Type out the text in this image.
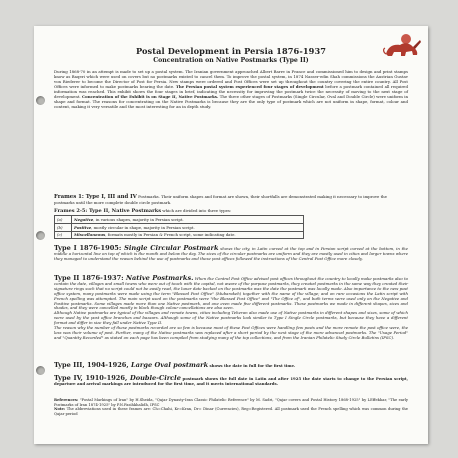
Postal Development in Persia 1876-1937
Concentration on Native Postmarks (Type II)
During 1868-70 in an attempt is made to set up a postal system. The Iranian government approached Albert Barre in France and commissioned him to design and print stamps know as Baqeri which were used on covers but no postmarks existed to cancel them. To improve the postal system, in 1874 Nasser-edin Shah commissions the Austrian Gustav von Riederer to become the Director of Post for Persia. New stamps were ordered and Post Offices were set up throughout the country covering the entire country. All Post Offices were informed to make postmarks bearing the date. The Persian postal system experienced four stages of development before a postmark contained all required information was reached. This exhibit shows the four stages in brief, indicating the necessity for improving the postmark twice the necessity of moving to the next stage of development. Concentration of the Exhibit is on Stage II, Native Postmarks. The three other stages of Postmarks (Single Circular, Oval and Double Circle) were uniform in shape and format. The reasons for concentrating on the Native Postmarks is because they are the only type of postmark which are not uniform in shape, format, colour and content, making it very versatile and the most interesting for an in depth study.
Frames 1: Type I, III and IV Postmarks. Their uniform shapes and format are shown, their shortfalls are demonstrated making it necessary to improve the postmarks until the more complete double circle postmark.
Frames 2-5: Type II, Native Postmarks which are divided into three types:
(a)	Negative, in various shapes, majority in Persian script.
(b)	Positive, mostly circular in shape, majority in Persian script.
(c)	Miscellaneous, formats mostly in Persian & French script, some indicating date.
Type I 1876-1905: Single Circular Postmark shows the city, in Latin curved at the top and in Persian script curved at the bottom, in the middle a horizontal line on top of which is the month and below the day. The sizes of the circular postmarks are uniform and they are mostly used in cities and larger towns where they managed to understand the reason behind the use of postmarks and these post offices followed the instructions of the Central Post Office more closely.
Type II 1876-1937: Native Postmarks. When the Central Post Office advised post offices throughout the country to locally make postmarks also to contain the date, villages and small towns who were out of touch with the capital, not aware of the purpose postmarks, they created postmarks in the same way they created their signature rings such that no script could not be easily read, the lunar date backed on the postmarks was the date the postmark was locally made. Also importance to the new post office system, many postmarks were made using the term "Blessed Post Office" (Mubarakeh) together with the name of the village; and on rare occasions the Latin script with French spelling was attempted. The main script used on the postmarks were "the Blessed Post Office" and "The Office of", and both terms were used only on the Negative and Positive postmarks. Some villages made more than one Native postmark, and one even made five different postmarks. These postmarks we made in different shapes, sizes and shades, and they were cancelled mostly in black though colour cancellations are also seen.
Although Native postmarks are typical of the villages and remote towns, cities including Teheran also made use of Native postmarks in different shapes and sizes, some of which were used by the post office branches and bazaars. Although some of the Native postmarks look similar to Type I Single Circle postmarks, but because they have a different format and differ in size they fall under Native Type II.
The reason why the number of these postmarks recorded are so few is because most of these Post Offices were handling few posts and the more remote the post office were, the less was their volume of post. Further, many of the Native postmarks was replaced after a short period by the next stage of the more advanced postmarks. The "Usage Period" and "Quantity Recorded" as stated on each page has been compiled from studying many of the top collections, and from the Iranian Philatelic Study Circle Bulletins (IPSC).
Type III, 1904-1926, Large Oval postmark shows the date in full for the first time.
Type IV, 1910-1926, Double-Circle postmark shows the full date in Latin and after 1925 the date starts to change to the Persian script, departure and arrival markings are introduced for the first time, and it meets international standards.
References: "Postal Markings of Iran" by H.Sheida, "Qajar Dynasty-Iran Classic Philatelic Reference" by M. Sadri, "Qajar covers and Postal History 1868-1925" by LEffekhar, "The early Postmarks of Iran 1874-1925" by P.N.Fasihkhalidh, IPSC
Note: The abbreviations used in these frames are: Ch=Chahi, Kr=Kran, Dr= Dinar (Currencies), Reg=Registered. All postmark used the French spelling which was common during the Qajar period
